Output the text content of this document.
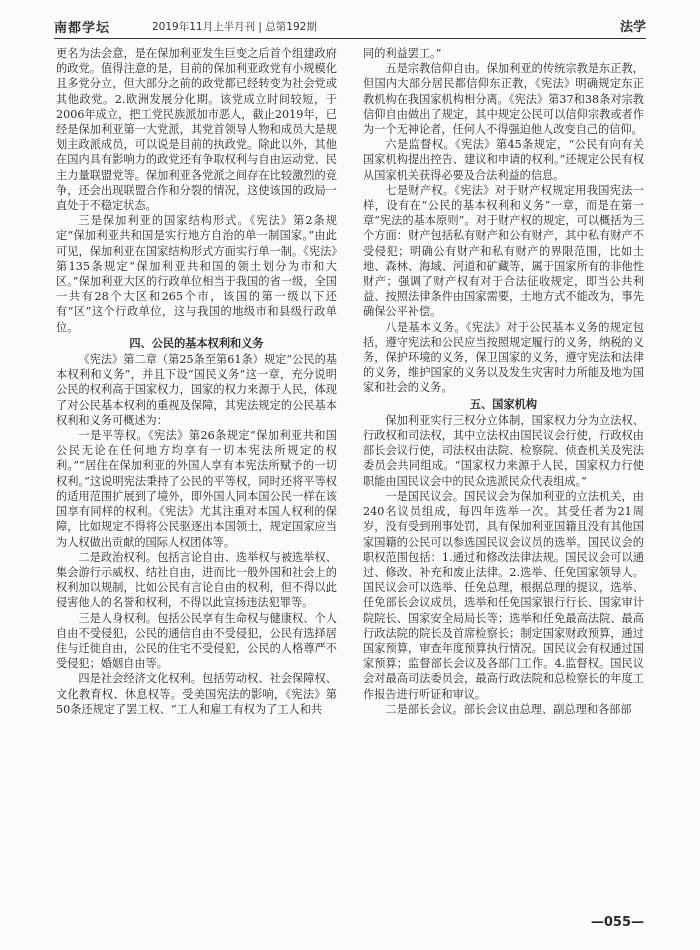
南都学坛	2019年11月上半月刊 | 总第192期	法学

更名为法会意，是在保加利亚发生巨变之后首个组建政府的政党。值得注意的是，目前的保加利亚政党有小规模化且多党分立，但大部分之前的政党都已经转变为社会党或其他政党。2.欧洲发展分化期。该党成立时间较短，于2006年成立，把工党民族派加市恶人，截止2019年，已经是保加利亚第一大党派，其党首领导人物和成员大是规划主政派成员，可以说是目前的执政党。除此以外，其他在国内具有影响力的政党还有争取权利与自由运动党、民主力量联盟党等。保加利亚各党派之间存在比较激烈的竞争，还会出现联盟合作和分裂的情况，这使该国的政局一直处于不稳定状态。

三是保加利亚的国家结构形式。《宪法》第2条规定“保加利亚共和国是实行地方自治的单一制国家。”由此可见，保加利亚在国家结构形式方面实行单一制。《宪法》第135条规定“保加利亚共和国的领土划分为市和大区。”保加利亚大区的行政单位相当于我国的省一级，全国一共有28个大区和265个市，该国的第一级以下还有“区”这个行政单位，这与我国的地级市和县级行政单位。

四、公民的基本权利和义务

《宪法》第二章（第25条至第61条）规定“公民的基本权利和义务”，并且下设“国民义务”这一章，充分说明公民的权利高于国家权力，国家的权力来源于人民，体现了对公民基本权利的重视及保障，其宪法规定的公民基本权利和义务可概述为：

一是平等权。《宪法》第26条规定“保加利亚共和国公民无论在任何地方均享有一切本宪法所规定的权利。”“居住在保加利亚的外国人享有本宪法所赋予的一切权利。”这说明宪法秉持了公民的平等权，同时还将平等权的适用范围扩展到了境外，即外国人同本国公民一样在该国享有同样的权利。《宪法》尤其注重对本国人权利的保障，比如规定不得将公民驱逐出本国领土，规定国家应当为人权做出贡献的国际人权团体等。

二是政治权利。包括言论自由、选举权与被选举权、集会游行示威权、结社自由，进而比一般外国和社会上的权利加以规制，比如公民有言论自由的权利，但不得以此侵害他人的名誉和权利，不得以此宣扬违法犯罪等。

三是人身权利。包括公民享有生命权与健康权、个人自由不受侵犯，公民的通信自由不受侵犯，公民有选择居住与迁徙自由，公民的住宅不受侵犯，公民的人格尊严不受侵犯；婚姻自由等。

四是社会经济文化权利。包括劳动权、社会保障权、文化教育权、休息权等。受美国宪法的影响，《宪法》第50条还规定了罢工权、“工人和雇工有权为了工人和共

同的利益罢工。”

五是宗教信仰自由。保加利亚的传统宗教是东正教，但国内大部分居民都信仰东正教，《宪法》明确规定东正教机构在我国家机构相分离。《宪法》第37和38条对宗教信仰自由做出了规定，其中规定公民可以信仰宗教或者作为一个无神论者，任何人不得强迫他人改变自己的信仰。

六是监督权。《宪法》第45条规定，“公民有向有关国家机构提出控告、建议和申请的权利。”还规定公民有权从国家机关获得必要及合法利益的信息。

七是财产权。《宪法》对于财产权规定用我国宪法一样，设有在“公民的基本权利和义务”一章，而是在第一章“宪法的基本原则”。对于财产权的规定，可以概括为三个方面：财产包括私有财产和公有财产，其中私有财产不受侵犯；明确公有财产和私有财产的界限范围，比如土地、森林、海域、河道和矿藏等，属于国家所有的非他性财产；强调了财产权有对于合法征收规定，即当公共利益、按照法律条件由国家需要，土地方式不能改为，事先确保公平补偿。

八是基本义务。《宪法》对于公民基本义务的规定包括，遵守宪法和公民应当按照规定履行的义务，纳税的义务，保护环境的义务，保卫国家的义务，遵守宪法和法律的义务，维护国家的义务以及发生灾害时力所能及地为国家和社会的义务。

五、国家机构

保加利亚实行三权分立体制，国家权力分为立法权、行政权和司法权，其中立法权由国民议会行使，行政权由部长会议行使，司法权由法院、检察院、侦查机关及宪法委员会共同组成。“国家权力来源于人民，国家权力行使职能由国民议会中的民众选派民众代表组成。”

一是国民议会。国民议会为保加利亚的立法机关，由240名议员组成，每四年选举一次。其受任者为21周岁，没有受到刑事处罚，具有保加利亚国籍且没有其他国家国籍的公民可以参选国民议会议员的选举。国民议会的职权范围包括：1.通过和修改法律法规。国民议会可以通过、修改、补充和废止法律。2.选举、任免国家领导人。国民议会可以选举、任免总理，根据总理的提议，选举、任免部长会议成员，选举和任免国家银行行长、国家审计院院长、国家安全局局长等；选举和任免最高法院、最高行政法院的院长及首席检察长；制定国家财政预算，通过国家预算，审查年度预算执行情况。国民议会有权通过国家预算；监督部长会议及各部门工作。4.监督权。国民议会对最高司法委员会，最高行政法院和总检察长的年度工作报告进行听证和审议。

二是部长会议。部长会议由总理、副总理和各部部

—055—
